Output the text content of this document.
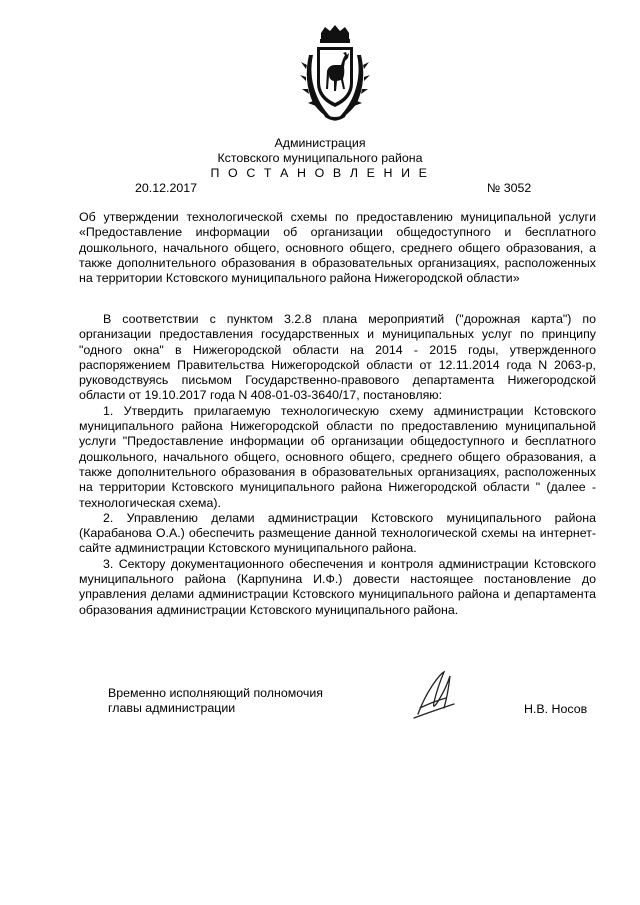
Администрация
Кстовского муниципального района
П О С Т А Н О В Л Е Н И Е
20.12.2017	№ 3052
Об утверждении технологической схемы по предоставлению муниципальной услуги «Предоставление информации об организации общедоступного и бесплатного дошкольного, начального общего, основного общего, среднего общего образования, а также дополнительного образования в образовательных организациях, расположенных на территории Кстовского муниципального района Нижегородской области»

В соответствии с пунктом 3.2.8 плана мероприятий ("дорожная карта") по организации предоставления государственных и муниципальных услуг по принципу "одного окна" в Нижегородской области на 2014 - 2015 годы, утвержденного распоряжением Правительства Нижегородской области от 12.11.2014 года N 2063-р, руководствуясь письмом Государственно-правового департамента Нижегородской области от 19.10.2017 года N 408-01-03-3640/17, постановляю:

1. Утвердить прилагаемую технологическую схему администрации Кстовского муниципального района Нижегородской области по предоставлению муниципальной услуги "Предоставление информации об организации общедоступного и бесплатного дошкольного, начального общего, основного общего, среднего общего образования, а также дополнительного образования в образовательных организациях, расположенных на территории Кстовского муниципального района Нижегородской области " (далее - технологическая схема).

2. Управлению делами администрации Кстовского муниципального района (Карабанова О.А.) обеспечить размещение данной технологической схемы на интернет-сайте администрации Кстовского муниципального района.

3. Сектору документационного обеспечения и контроля администрации Кстовского муниципального района (Карпунина И.Ф.) довести настоящее постановление до управления делами администрации Кстовского муниципального района и департамента образования администрации Кстовского муниципального района.

Временно исполняющий полномочия
главы администрации	Н.В. Носов
